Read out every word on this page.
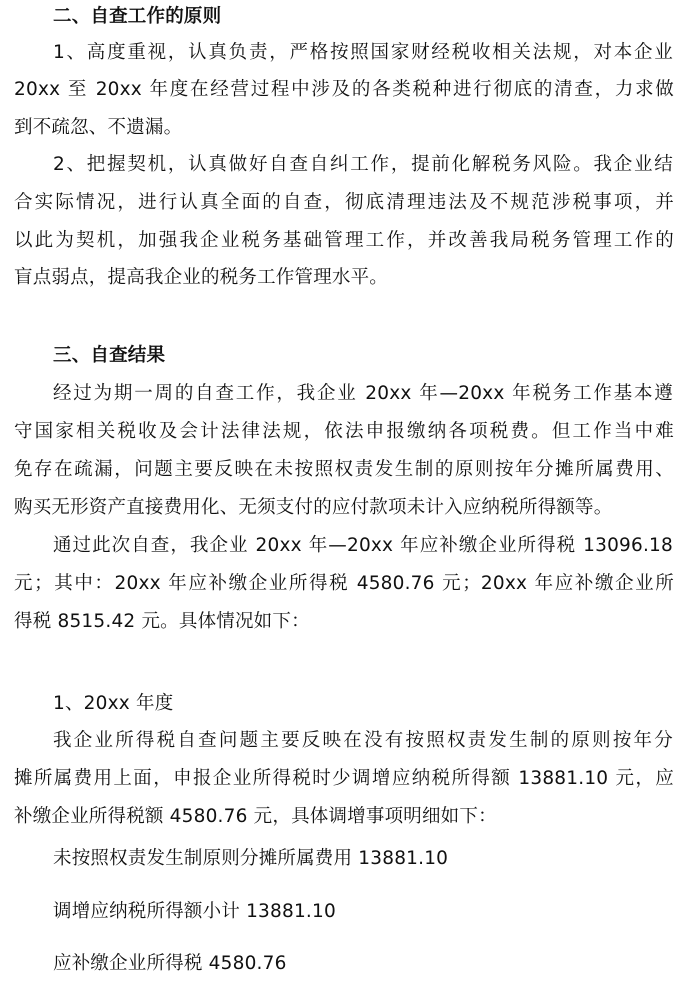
二、自查工作的原则
1、高度重视，认真负责，严格按照国家财经税收相关法规，对本企业
20xx 至 20xx 年度在经营过程中涉及的各类税种进行彻底的清查，力求做
到不疏忽、不遗漏。
2、把握契机，认真做好自查自纠工作，提前化解税务风险。我企业结
合实际情况，进行认真全面的自查，彻底清理违法及不规范涉税事项，并
以此为契机，加强我企业税务基础管理工作，并改善我局税务管理工作的
盲点弱点，提高我企业的税务工作管理水平。
三、自查结果
经过为期一周的自查工作，我企业 20xx 年—20xx 年税务工作基本遵
守国家相关税收及会计法律法规，依法申报缴纳各项税费。但工作当中难
免存在疏漏，问题主要反映在未按照权责发生制的原则按年分摊所属费用、
购买无形资产直接费用化、无须支付的应付款项未计入应纳税所得额等。
通过此次自查，我企业 20xx 年—20xx 年应补缴企业所得税 13096.18
元；其中：20xx 年应补缴企业所得税 4580.76 元；20xx 年应补缴企业所
得税 8515.42 元。具体情况如下：
1、20xx 年度
我企业所得税自查问题主要反映在没有按照权责发生制的原则按年分
摊所属费用上面，申报企业所得税时少调增应纳税所得额 13881.10 元，应
补缴企业所得税额 4580.76 元，具体调增事项明细如下：
未按照权责发生制原则分摊所属费用 13881.10
调增应纳税所得额小计 13881.10
应补缴企业所得税 4580.76
